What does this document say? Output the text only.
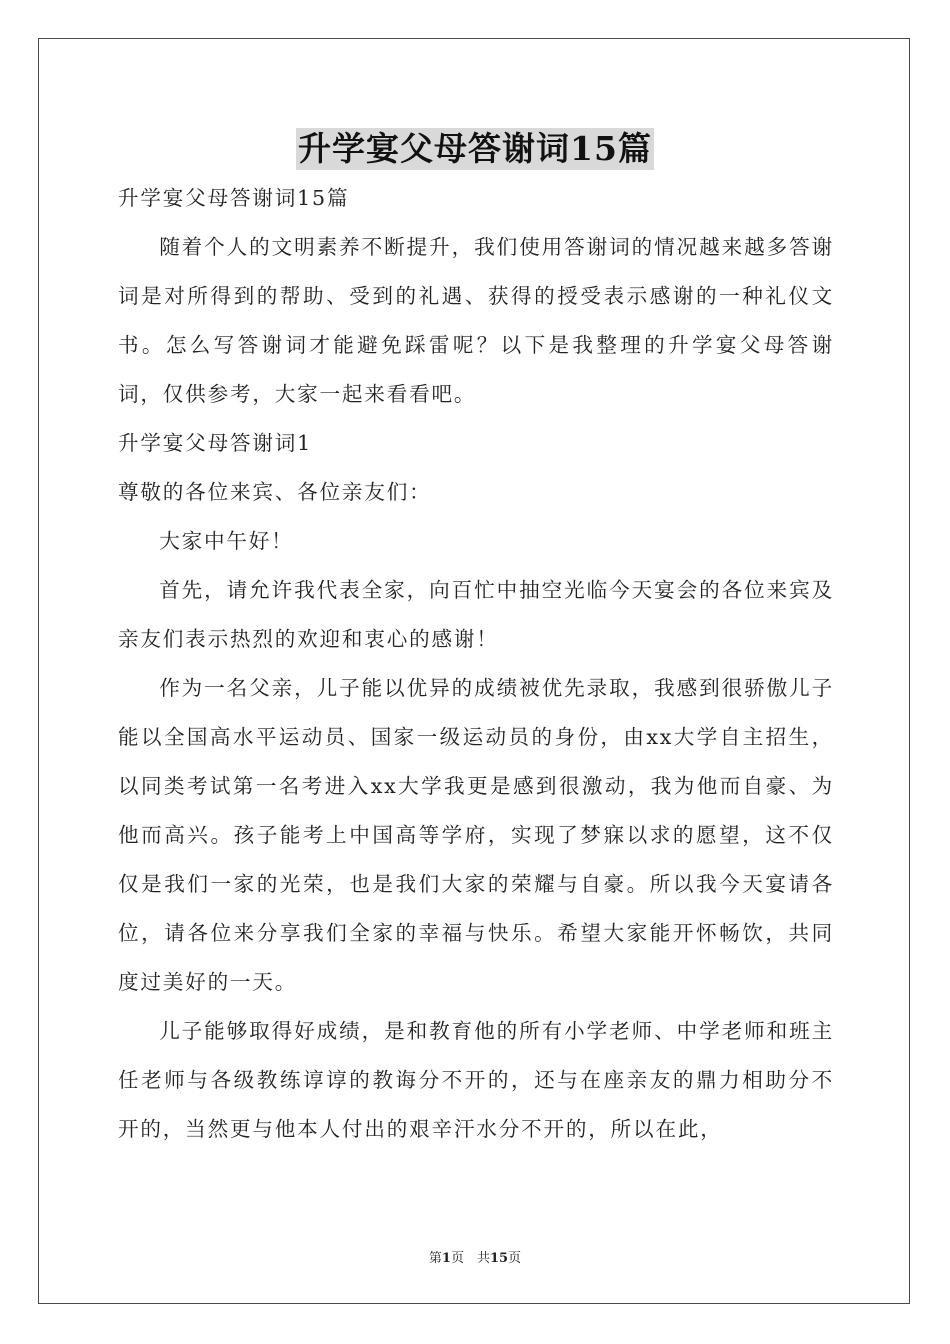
升学宴父母答谢词15篇

升学宴父母答谢词15篇

随着个人的文明素养不断提升，我们使用答谢词的情况越来越多答谢词是对所得到的帮助、受到的礼遇、获得的授受表示感谢的一种礼仪文书。怎么写答谢词才能避免踩雷呢？以下是我整理的升学宴父母答谢词，仅供参考，大家一起来看看吧。

升学宴父母答谢词1

尊敬的各位来宾、各位亲友们：

大家中午好！

首先，请允许我代表全家，向百忙中抽空光临今天宴会的各位来宾及亲友们表示热烈的欢迎和衷心的感谢！

作为一名父亲，儿子能以优异的成绩被优先录取，我感到很骄傲儿子能以全国高水平运动员、国家一级运动员的身份，由xx大学自主招生，以同类考试第一名考进入xx大学我更是感到很激动，我为他而自豪、为他而高兴。孩子能考上中国高等学府，实现了梦寐以求的愿望，这不仅仅是我们一家的光荣，也是我们大家的荣耀与自豪。所以我今天宴请各位，请各位来分享我们全家的幸福与快乐。希望大家能开怀畅饮，共同度过美好的一天。

儿子能够取得好成绩，是和教育他的所有小学老师、中学老师和班主任老师与各级教练谆谆的教诲分不开的，还与在座亲友的鼎力相助分不开的，当然更与他本人付出的艰辛汗水分不开的，所以在此，

第1页　共15页
